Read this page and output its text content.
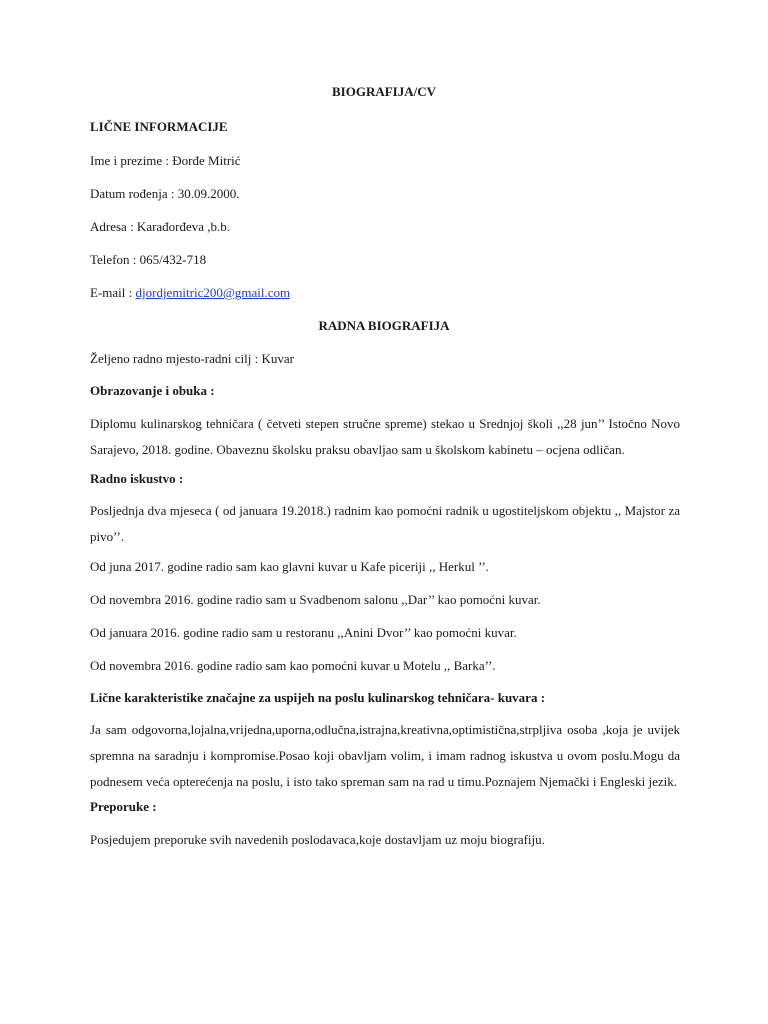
BIOGRAFIJA/CV
LIČNE INFORMACIJE
Ime i prezime : Đorđe Mitrić
Datum rođenja : 30.09.2000.
Adresa : Karađorđeva ,b.b.
Telefon : 065/432-718
E-mail : djordjemitric200@gmail.com
RADNA BIOGRAFIJA
Željeno radno mjesto-radni cilj : Kuvar
Obrazovanje i obuka :
Diplomu kulinarskog tehničara ( četveti stepen stručne spreme) stekao u Srednjoj školi ,,28 jun’’ Istočno Novo Sarajevo, 2018. godine. Obaveznu školsku praksu obavljao sam u školskom kabinetu – ocjena odličan.
Radno iskustvo :
Posljednja dva mjeseca ( od januara 19.2018.) radnim kao pomoćni radnik u ugostiteljskom objektu ,, Majstor za pivo’’.
Od juna 2017. godine radio sam kao glavni kuvar u Kafe piceriji ,, Herkul ’’.
Od novembra 2016. godine radio sam u Svadbenom salonu ,,Dar’’ kao pomoćni kuvar.
Od januara 2016. godine radio sam u restoranu ,,Anini Dvor’’ kao pomoćni kuvar.
Od novembra 2016. godine radio sam kao pomoćni kuvar u Motelu ,, Barka’’.
Lične karakteristike značajne za uspijeh na poslu kulinarskog tehničara- kuvara :
Ja sam odgovorna,lojalna,vrijedna,uporna,odlučna,istrajna,kreativna,optimistična,strpljiva osoba ,koja je uvijek spremna na saradnju i kompromise.Posao koji obavljam volim, i imam radnog iskustva u ovom poslu.Mogu da podnesem veća opterećenja na poslu, i isto tako spreman sam na rad u timu.Poznajem Njemački i Engleski jezik.
Preporuke :
Posjedujem preporuke svih navedenih poslodavaca,koje dostavljam uz moju biografiju.
